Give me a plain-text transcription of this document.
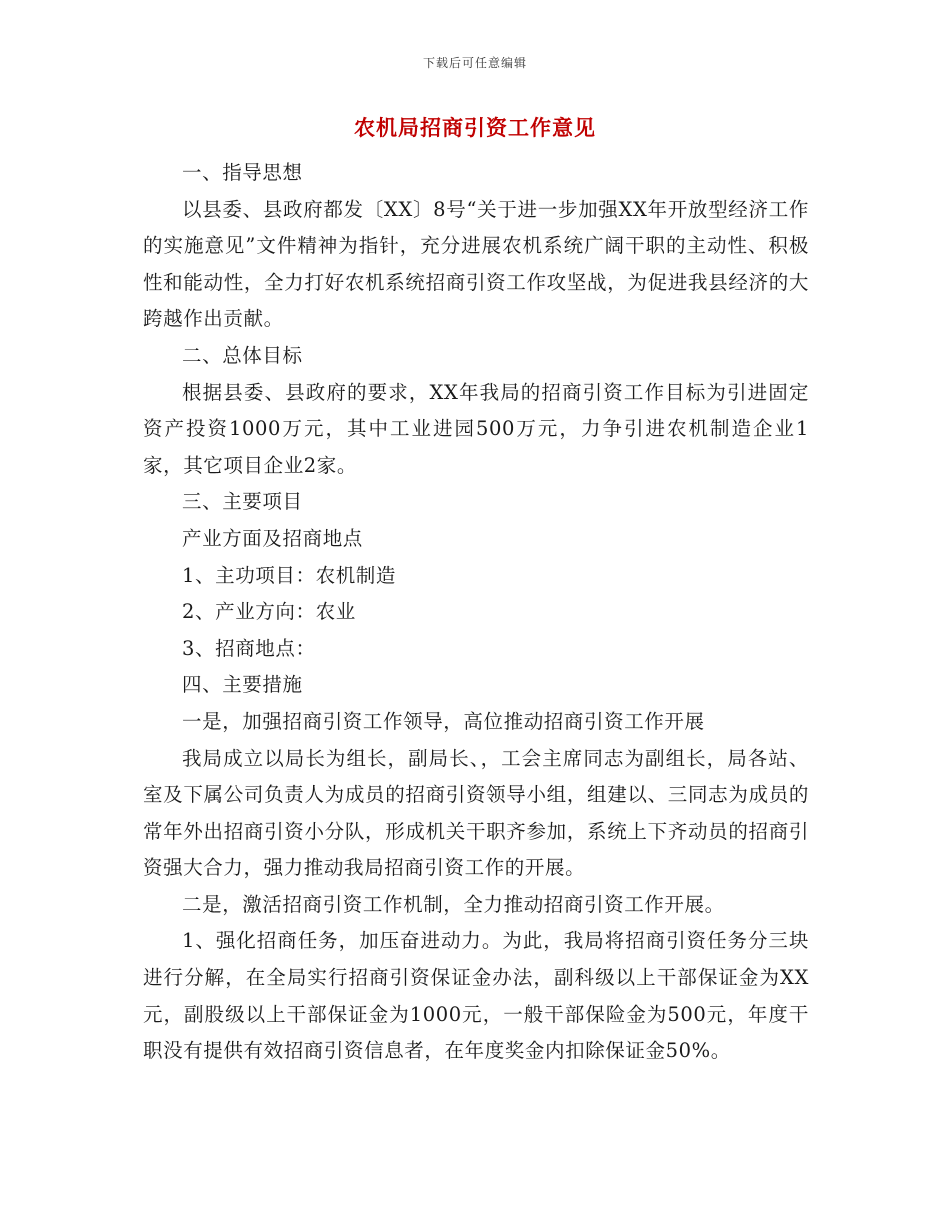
下载后可任意编辑
农机局招商引资工作意见

一、指导思想

以县委、县政府都发〔XX〕8号“关于进一步加强XX年开放型经济工作的实施意见”文件精神为指针，充分进展农机系统广阔干职的主动性、积极性和能动性，全力打好农机系统招商引资工作攻坚战，为促进我县经济的大跨越作出贡献。

二、总体目标

根据县委、县政府的要求，XX年我局的招商引资工作目标为引进固定资产投资1000万元，其中工业进园500万元，力争引进农机制造企业1家，其它项目企业2家。

三、主要项目

产业方面及招商地点

1、主功项目：农机制造

2、产业方向：农业

3、招商地点：

四、主要措施

一是，加强招商引资工作领导，高位推动招商引资工作开展

我局成立以局长为组长，副局长、，工会主席同志为副组长，局各站、室及下属公司负责人为成员的招商引资领导小组，组建以、三同志为成员的常年外出招商引资小分队，形成机关干职齐参加，系统上下齐动员的招商引资强大合力，强力推动我局招商引资工作的开展。

二是，激活招商引资工作机制，全力推动招商引资工作开展。

1、强化招商任务，加压奋进动力。为此，我局将招商引资任务分三块进行分解，在全局实行招商引资保证金办法，副科级以上干部保证金为XX元，副股级以上干部保证金为1000元，一般干部保险金为500元，年度干职没有提供有效招商引资信息者，在年度奖金内扣除保证金50%。
